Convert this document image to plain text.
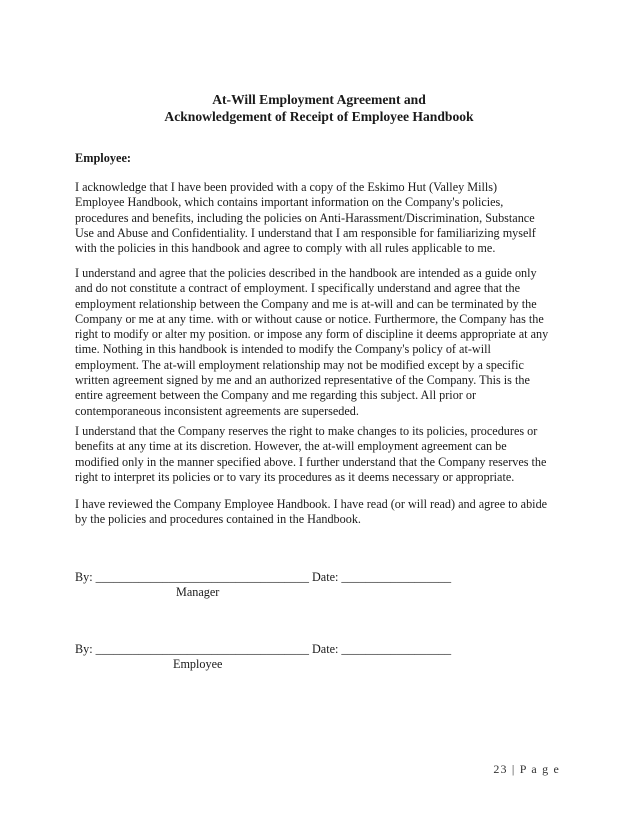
At-Will Employment Agreement and
Acknowledgement of Receipt of Employee Handbook
Employee:
I acknowledge that I have been provided with a copy of the Eskimo Hut (Valley Mills)
Employee Handbook, which contains important information on the Company's policies,
procedures and benefits, including the policies on Anti-Harassment/Discrimination, Substance
Use and Abuse and Confidentiality. I understand that I am responsible for familiarizing myself
with the policies in this handbook and agree to comply with all rules applicable to me.
I understand and agree that the policies described in the handbook are intended as a guide only
and do not constitute a contract of employment. I specifically understand and agree that the
employment relationship between the Company and me is at-will and can be terminated by the
Company or me at any time. with or without cause or notice. Furthermore, the Company has the
right to modify or alter my position. or impose any form of discipline it deems appropriate at any
time. Nothing in this handbook is intended to modify the Company's policy of at-will
employment. The at-will employment relationship may not be modified except by a specific
written agreement signed by me and an authorized representative of the Company. This is the
entire agreement between the Company and me regarding this subject. All prior or
contemporaneous inconsistent agreements are superseded.
I understand that the Company reserves the right to make changes to its policies, procedures or
benefits at any time at its discretion. However, the at-will employment agreement can be
modified only in the manner specified above. I further understand that the Company reserves the
right to interpret its policies or to vary its procedures as it deems necessary or appropriate.
I have reviewed the Company Employee Handbook. I have read (or will read) and agree to abide
by the policies and procedures contained in the Handbook.
By: ___________________________________ Date: __________________
Manager
By: ___________________________________ Date: __________________
Employee
23 | P a g e
